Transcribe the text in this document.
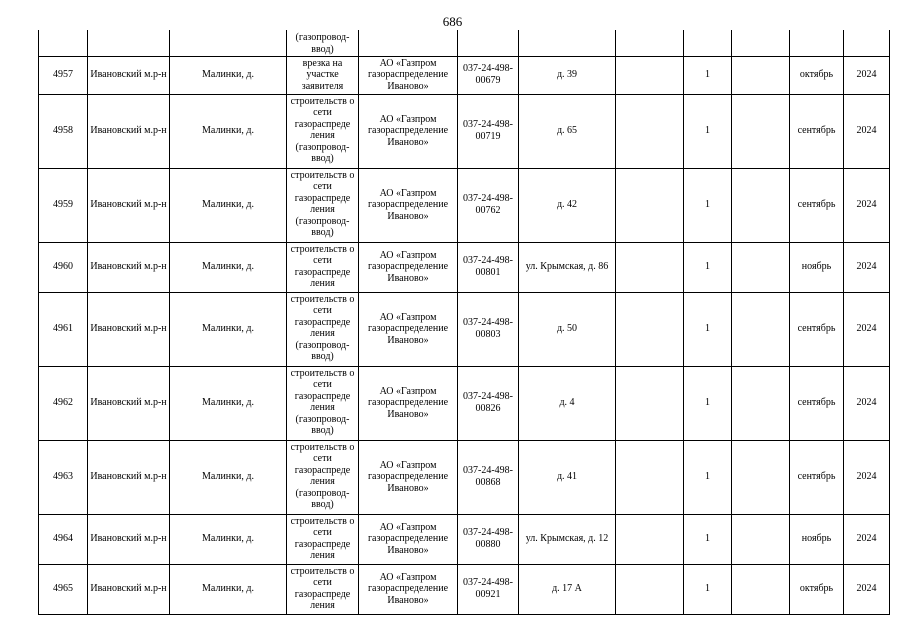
686
			(газопровод-
ввод)								
4957	Ивановский м.р-н	Малинки, д.	врезка на участке заявителя	АО «Газпром газораспределение Иваново»	037-24-498-00679	д. 39		1		октябрь	2024
4958	Ивановский м.р-н	Малинки, д.	строительств о сети газораспреде ления (газопровод-ввод)	АО «Газпром газораспределение Иваново»	037-24-498-00719	д. 65		1		сентябрь	2024
4959	Ивановский м.р-н	Малинки, д.	строительств о сети газораспреде ления (газопровод-ввод)	АО «Газпром газораспределение Иваново»	037-24-498-00762	д. 42		1		сентябрь	2024
4960	Ивановский м.р-н	Малинки, д.	строительств о сети газораспреде ления	АО «Газпром газораспределение Иваново»	037-24-498-00801	ул. Крымская, д. 86		1		ноябрь	2024
4961	Ивановский м.р-н	Малинки, д.	строительств о сети газораспреде ления (газопровод-ввод)	АО «Газпром газораспределение Иваново»	037-24-498-00803	д. 50		1		сентябрь	2024
4962	Ивановский м.р-н	Малинки, д.	строительств о сети газораспреде ления (газопровод-ввод)	АО «Газпром газораспределение Иваново»	037-24-498-00826	д. 4		1		сентябрь	2024
4963	Ивановский м.р-н	Малинки, д.	строительств о сети газораспреде ления (газопровод-ввод)	АО «Газпром газораспределение Иваново»	037-24-498-00868	д. 41		1		сентябрь	2024
4964	Ивановский м.р-н	Малинки, д.	строительств о сети газораспреде ления	АО «Газпром газораспределение Иваново»	037-24-498-00880	ул. Крымская, д. 12		1		ноябрь	2024
4965	Ивановский м.р-н	Малинки, д.	строительств о сети газораспреде ления	АО «Газпром газораспределение Иваново»	037-24-498-00921	д. 17 А		1		октябрь	2024
